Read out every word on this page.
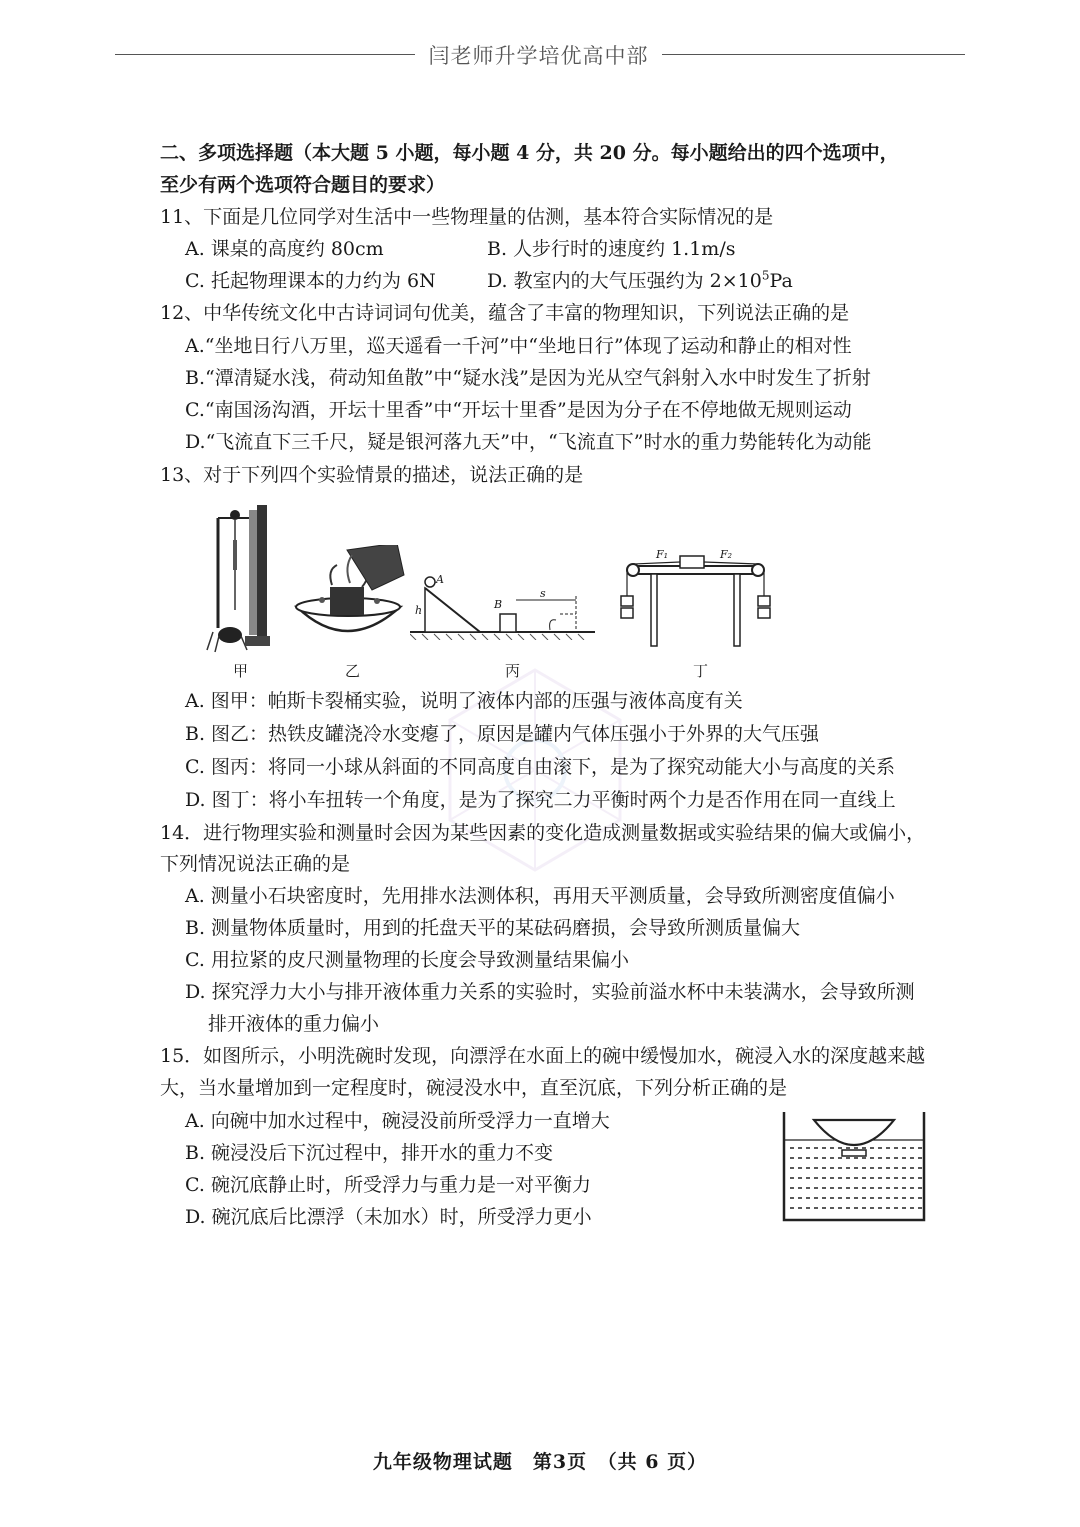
闫老师升学培优高中部
二、多项选择题（本大题 5 小题，每小题 4 分，共 20 分。每小题给出的四个选项中，
至少有两个选项符合题目的要求）
11、下面是几位同学对生活中一些物理量的估测，基本符合实际情况的是
A. 课桌的高度约 80cm	B. 人步行时的速度约 1.1m/s
C. 托起物理课本的力约为 6N	D. 教室内的大气压强约为 $2\times 10^5Pa$
12、中华传统文化中古诗词词句优美，蕴含了丰富的物理知识，下列说法正确的是
A.“坐地日行八万里，巡天遥看一千河”中“坐地日行”体现了运动和静止的相对性
B.“潭清疑水浅，荷动知鱼散”中“疑水浅”是因为光从空气斜射入水中时发生了折射
C.“南国汤沟酒，开坛十里香”中“开坛十里香”是因为分子在不停地做无规则运动
D.“飞流直下三千尺，疑是银河落九天”中，“飞流直下”时水的重力势能转化为动能
13、对于下列四个实验情景的描述，说法正确的是
甲	乙
A
h	B
s
丙
F₁	F₂
丁
A. 图甲：帕斯卡裂桶实验，说明了液体内部的压强与液体高度有关
B. 图乙：热铁皮罐浇冷水变瘪了，原因是罐内气体压强小于外界的大气压强
C. 图丙：将同一小球从斜面的不同高度自由滚下，是为了探究动能大小与高度的关系
D. 图丁：将小车扭转一个角度，是为了探究二力平衡时两个力是否作用在同一直线上
14．进行物理实验和测量时会因为某些因素的变化造成测量数据或实验结果的偏大或偏小，
下列情况说法正确的是
A. 测量小石块密度时，先用排水法测体积，再用天平测质量，会导致所测密度值偏小
B. 测量物体质量时，用到的托盘天平的某砝码磨损，会导致所测质量偏大
C. 用拉紧的皮尺测量物理的长度会导致测量结果偏小
D. 探究浮力大小与排开液体重力关系的实验时，实验前溢水杯中未装满水，会导致所测
排开液体的重力偏小
15．如图所示，小明洗碗时发现，向漂浮在水面上的碗中缓慢加水，碗浸入水的深度越来越
大，当水量增加到一定程度时，碗浸没水中，直至沉底，下列分析正确的是
A. 向碗中加水过程中，碗浸没前所受浮力一直增大
B. 碗浸没后下沉过程中，排开水的重力不变
C. 碗沉底静止时，所受浮力与重力是一对平衡力
D. 碗沉底后比漂浮（未加水）时，所受浮力更小
九年级物理试题　第3页　（共 6 页）
